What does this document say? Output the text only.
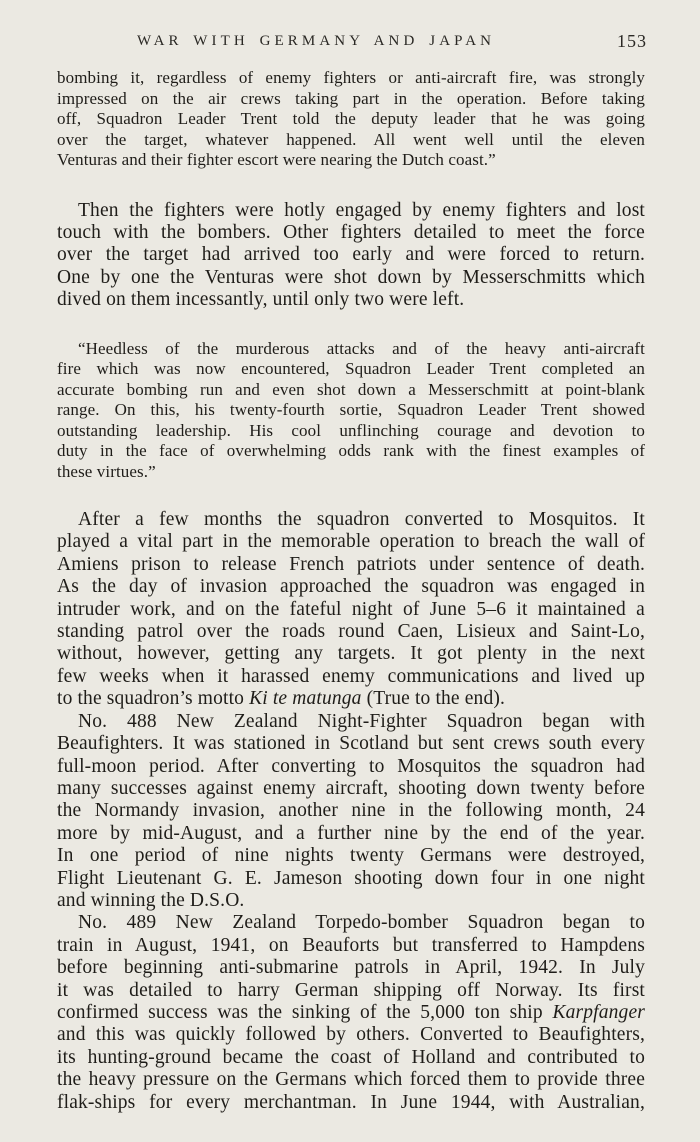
WAR WITH GERMANY AND JAPAN	153
bombing it, regardless of enemy fighters or anti-aircraft fire, was strongly
impressed on the air crews taking part in the operation. Before taking
off, Squadron Leader Trent told the deputy leader that he was going
over the target, whatever happened. All went well until the eleven
Venturas and their fighter escort were nearing the Dutch coast.”
Then the fighters were hotly engaged by enemy fighters and lost
touch with the bombers. Other fighters detailed to meet the force
over the target had arrived too early and were forced to return.
One by one the Venturas were shot down by Messerschmitts which
dived on them incessantly, until only two were left.
“Heedless of the murderous attacks and of the heavy anti-aircraft
fire which was now encountered, Squadron Leader Trent completed an
accurate bombing run and even shot down a Messerschmitt at point-blank
range. On this, his twenty-fourth sortie, Squadron Leader Trent showed
outstanding leadership. His cool unflinching courage and devotion to
duty in the face of overwhelming odds rank with the finest examples of
these virtues.”
After a few months the squadron converted to Mosquitos. It
played a vital part in the memorable operation to breach the wall of
Amiens prison to release French patriots under sentence of death.
As the day of invasion approached the squadron was engaged in
intruder work, and on the fateful night of June 5–6 it maintained a
standing patrol over the roads round Caen, Lisieux and Saint-Lo,
without, however, getting any targets. It got plenty in the next
few weeks when it harassed enemy communications and lived up
to the squadron’s motto Ki te matunga (True to the end).
No. 488 New Zealand Night-Fighter Squadron began with
Beaufighters. It was stationed in Scotland but sent crews south every
full-moon period. After converting to Mosquitos the squadron had
many successes against enemy aircraft, shooting down twenty before
the Normandy invasion, another nine in the following month, 24
more by mid-August, and a further nine by the end of the year.
In one period of nine nights twenty Germans were destroyed,
Flight Lieutenant G. E. Jameson shooting down four in one night
and winning the D.S.O.
No. 489 New Zealand Torpedo-bomber Squadron began to
train in August, 1941, on Beauforts but transferred to Hampdens
before beginning anti-submarine patrols in April, 1942. In July
it was detailed to harry German shipping off Norway. Its first
confirmed success was the sinking of the 5,000 ton ship Karpfanger
and this was quickly followed by others. Converted to Beaufighters,
its hunting-ground became the coast of Holland and contributed to
the heavy pressure on the Germans which forced them to provide three
flak-ships for every merchantman. In June 1944, with Australian,
